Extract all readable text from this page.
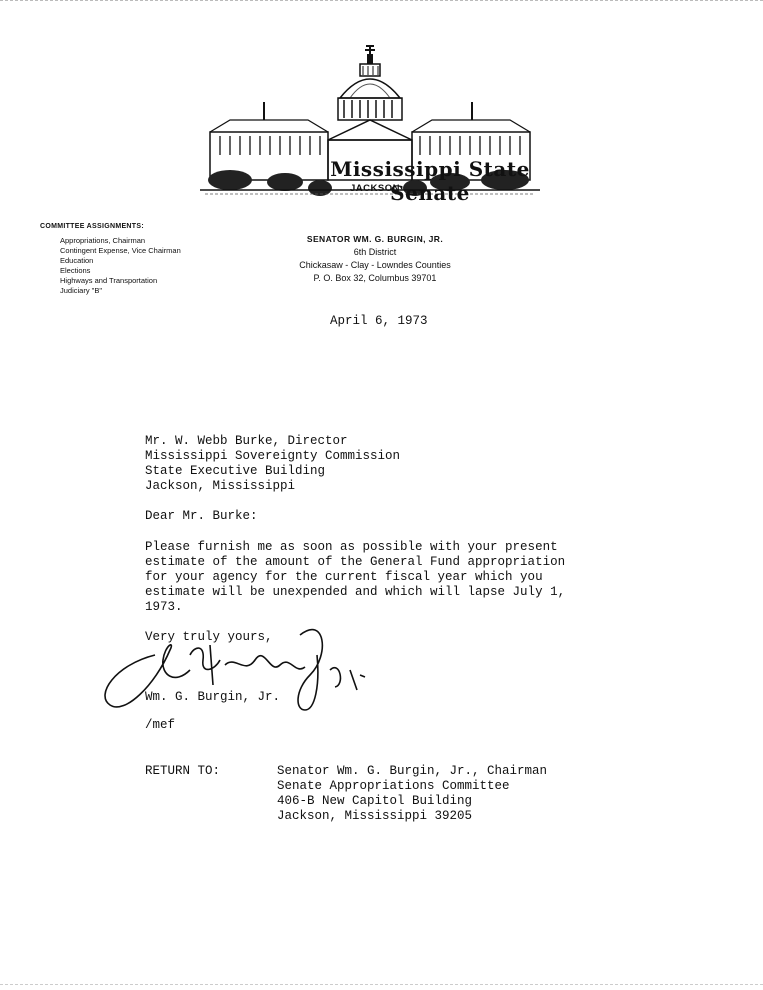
Mississippi State Senate
JACKSON
COMMITTEE ASSIGNMENTS:
Appropriations, Chairman
Contingent Expense, Vice Chairman
Education
Elections
Highways and Transportation
Judiciary "B"
SENATOR WM. G. BURGIN, JR.
6th District
Chickasaw - Clay - Lowndes Counties
P. O. Box 32, Columbus 39701
April 6, 1973
Mr. W. Webb Burke, Director
Mississippi Sovereignty Commission
State Executive Building
Jackson, Mississippi
Dear Mr. Burke:
Please furnish me as soon as possible with your present
estimate of the amount of the General Fund appropriation
for your agency for the current fiscal year which you
estimate will be unexpended and which will lapse July 1,
1973.
Very truly yours,
Wm. G. Burgin, Jr.
/mef
RETURN TO:	Senator Wm. G. Burgin, Jr., Chairman
Senate Appropriations Committee
406-B New Capitol Building
Jackson, Mississippi 39205
